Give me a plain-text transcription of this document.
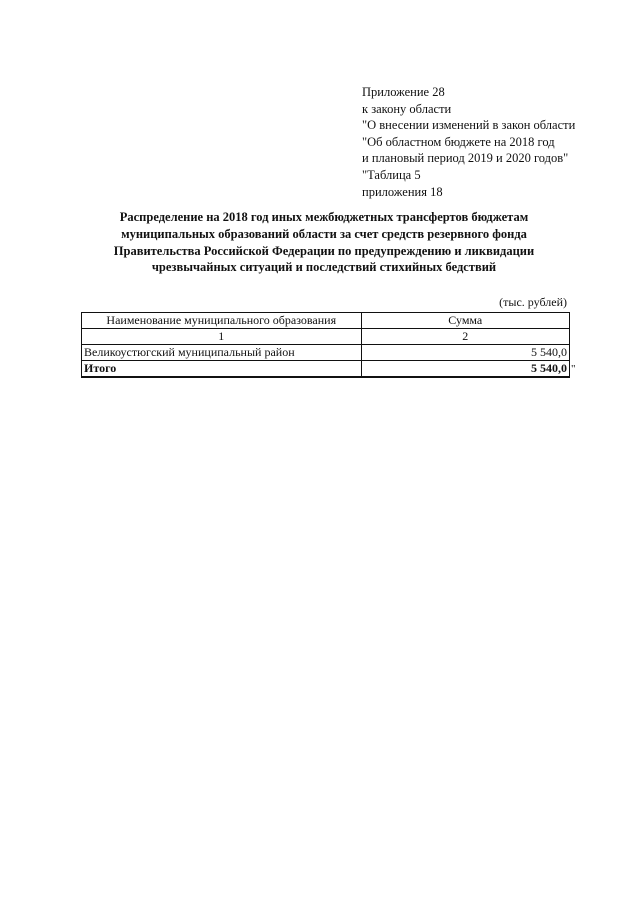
Приложение 28
к закону области
"О внесении изменений в закон области
"Об областном бюджете на 2018 год
и плановый период 2019 и 2020 годов"
"Таблица 5
приложения 18
Распределение на 2018 год иных межбюджетных трансфертов бюджетам
муниципальных образований области за счет средств резервного фонда
Правительства Российской Федерации по предупреждению и ликвидации
чрезвычайных ситуаций и последствий стихийных бедствий
(тыс. рублей)
Наименование муниципального образования	Сумма
1	2
Великоустюгский муниципальный район	5 540,0
Итого	5 540,0 "
